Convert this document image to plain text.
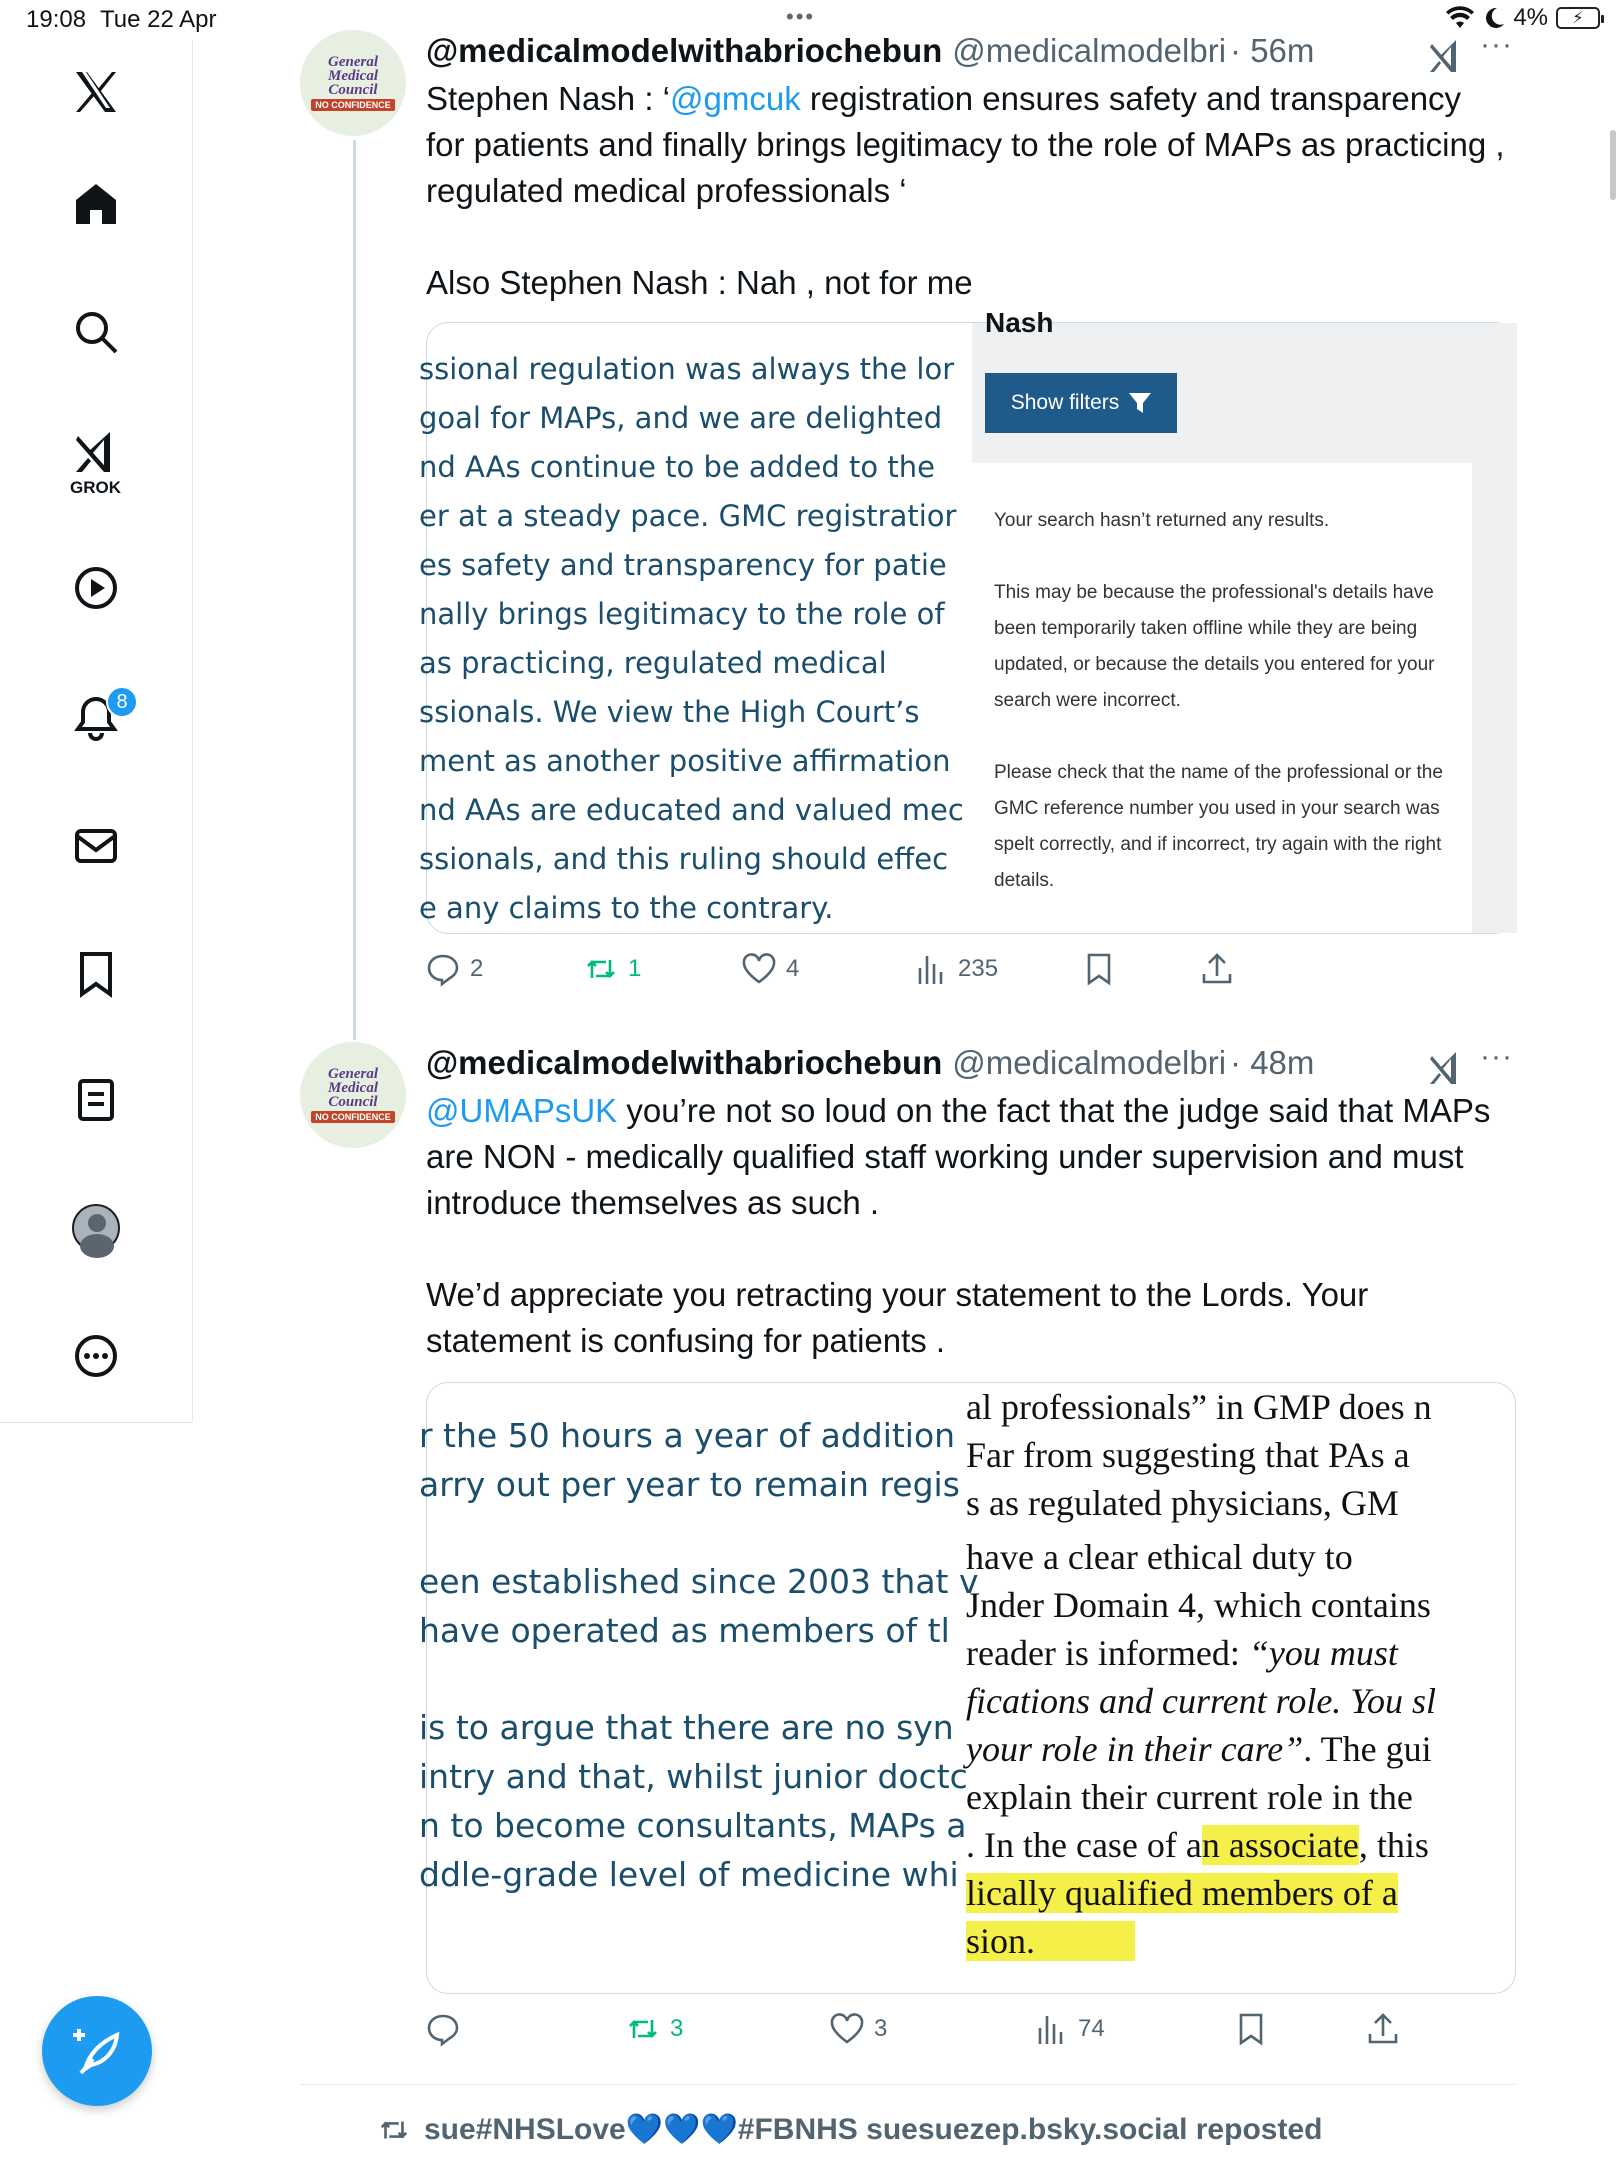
19:08 Tue 22 Apr	•••	4%	⚡
GROK
8
General
Medical
Council
NO CONFIDENCE
@medicalmodelwithabriochebun @medicalmodelbri · 56m	···

Stephen Nash : ‘@gmcuk registration ensures safety and transparency for patients and finally brings legitimacy to the role of MAPs as practicing , regulated medical professionals ‘

Also Stephen Nash : Nah , not for me

ssional regulation was always the lor
goal for MAPs, and we are delighted
nd AAs continue to be added to the
er at a steady pace. GMC registratior
es safety and transparency for patie
nally brings legitimacy to the role of
as practicing, regulated medical
ssionals. We view the High Court’s
ment as another positive affirmation
nd AAs are educated and valued mec
ssionals, and this ruling should effec
e any claims to the contrary.
Nash
Show filters

Your search hasn’t returned any results.

This may be because the professional's details have been temporarily taken offline while they are being updated, or because the details you entered for your search were incorrect.

Please check that the name of the professional or the GMC reference number you used in your search was spelt correctly, and if incorrect, try again with the right details.

2	1	4	235
General
Medical
Council
NO CONFIDENCE
@medicalmodelwithabriochebun @medicalmodelbri · 48m	···

@UMAPsUK you’re not so loud on the fact that the judge said that MAPs are NON - medically qualified staff working under supervision and must introduce themselves as such .

We’d appreciate you retracting your statement to the Lords. Your statement is confusing for patients .

r the 50 hours a year of addition
arry out per year to remain regis
een established since 2003 that v
have operated as members of tl
is to argue that there are no syn
intry and that, whilst junior doctc
n to become consultants, MAPs a
ddle-grade level of medicine whi
al professionals” in GMP does n
Far from suggesting that PAs a
s as regulated physicians, GM
have a clear ethical duty to
Jnder Domain 4, which contains
reader is informed: “you must
fications and current role. You sl
your role in their care”. The gui
explain their current role in the
. In the case of an associate, this
lically qualified members of a
sion.
3	3	74
sue#NHSLove💙💙💙#FBNHS suesuezep.bsky.social reposted
